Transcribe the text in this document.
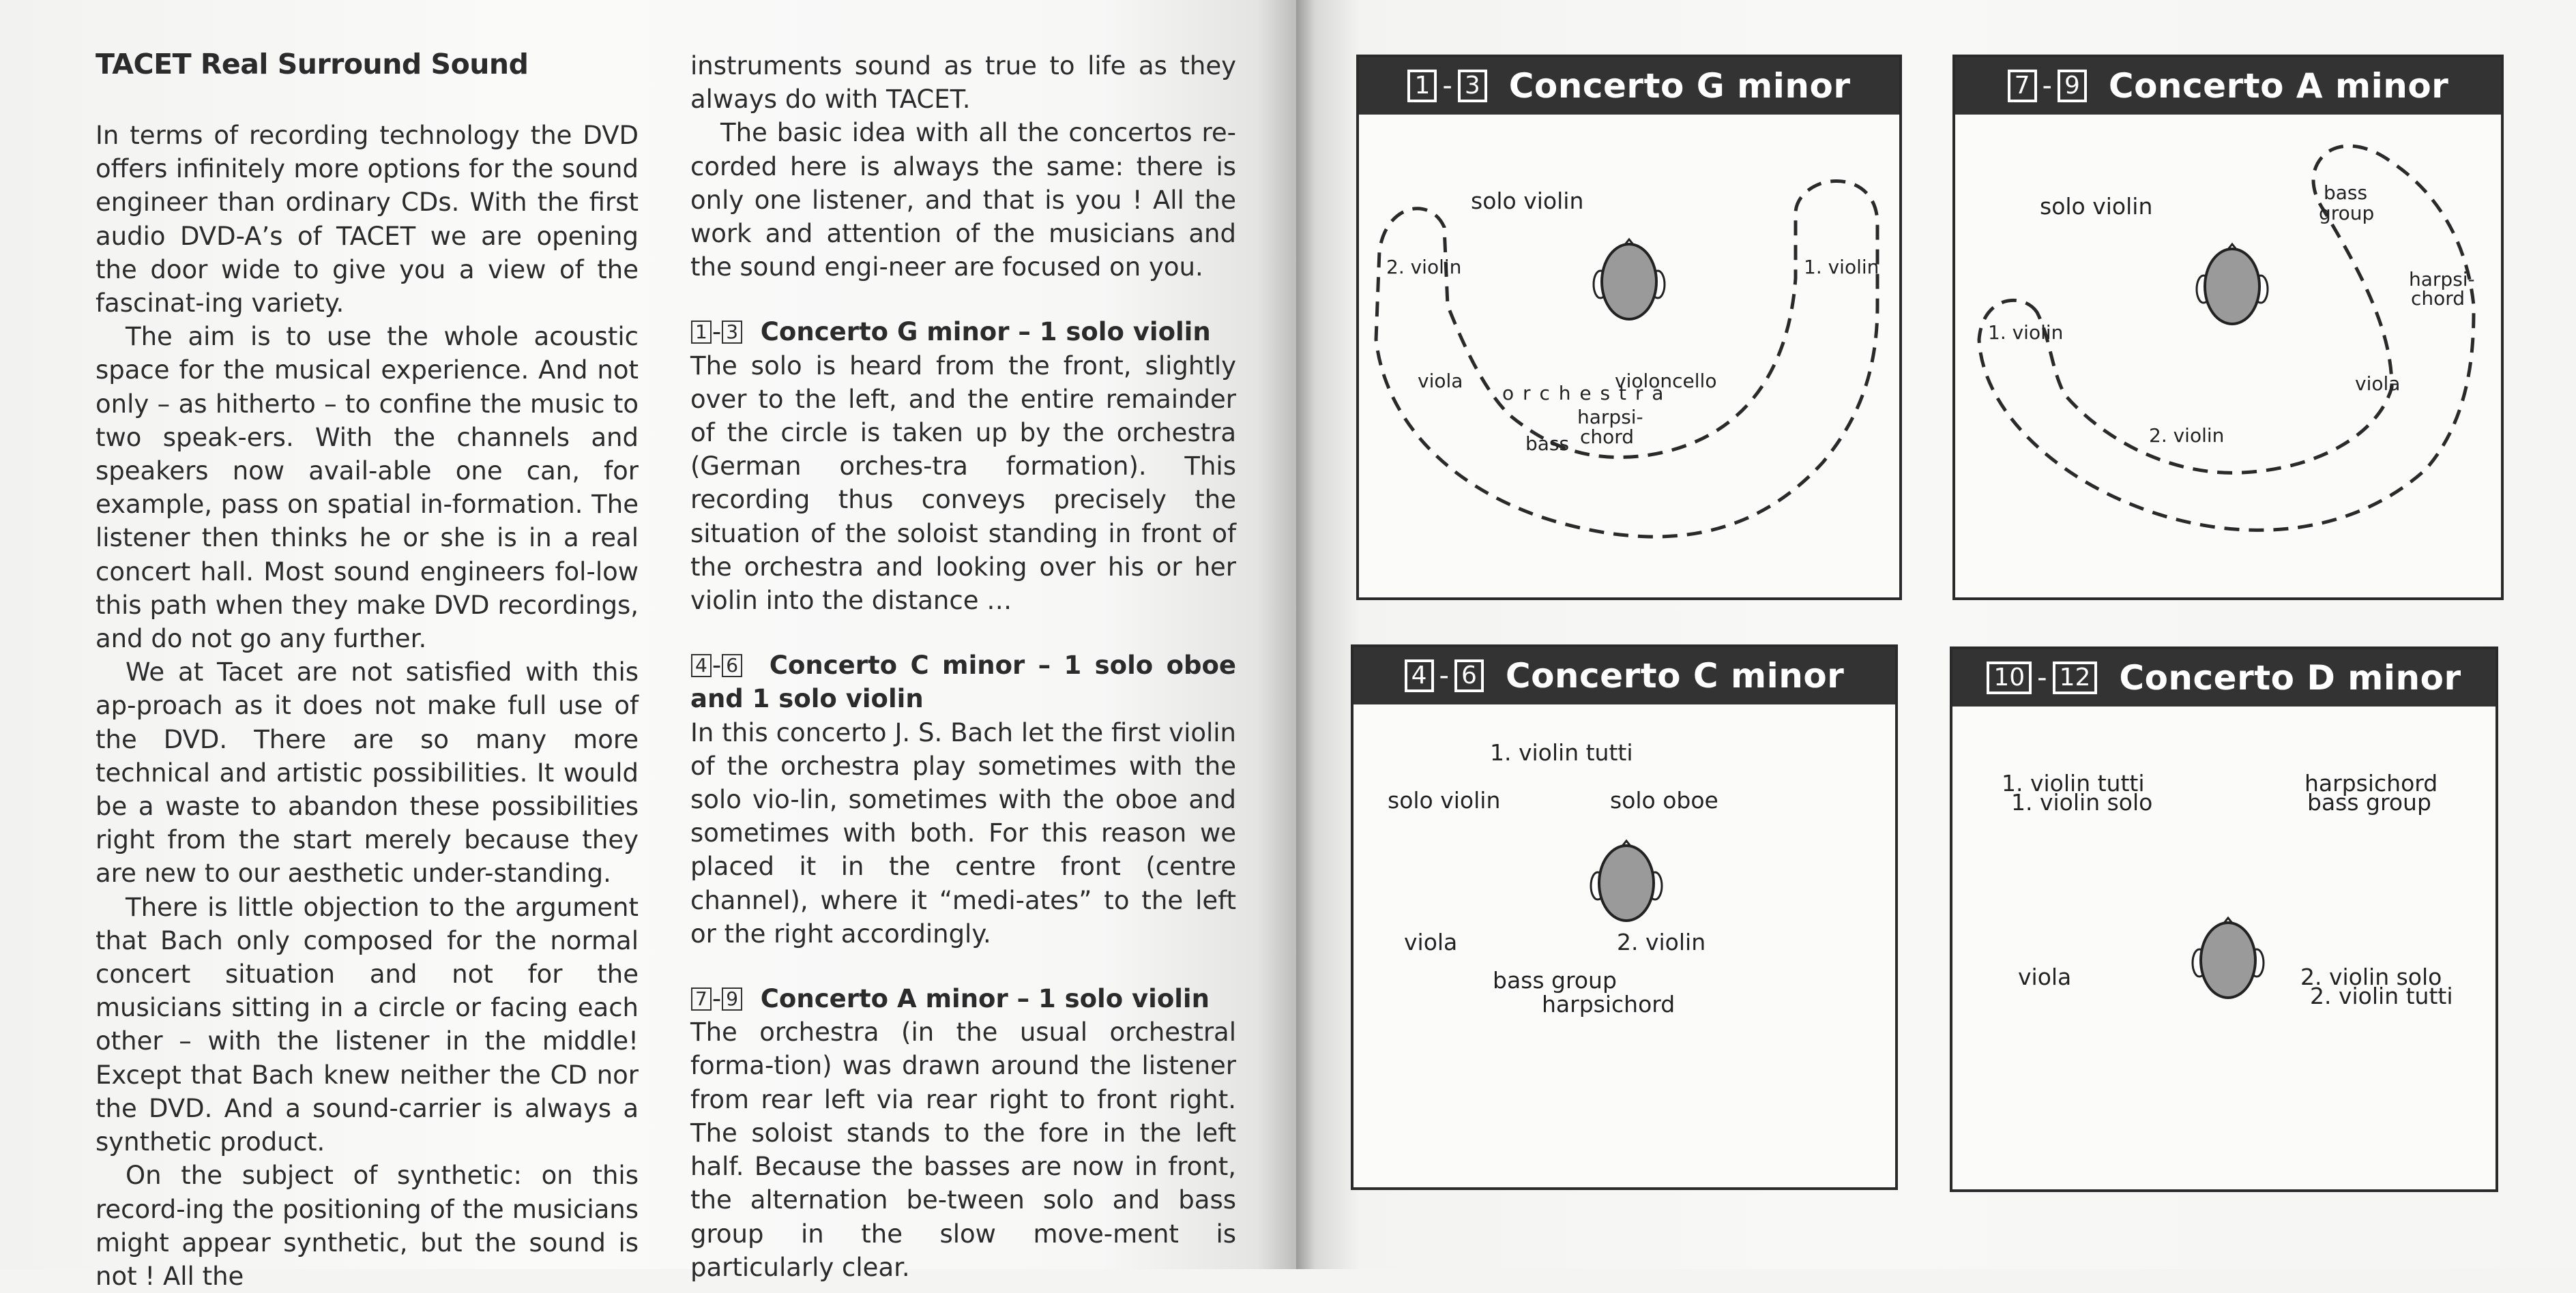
TACET Real Surround Sound

In terms of recording technology the DVD offers infinitely more options for the sound engineer than ordinary CDs. With the first audio DVD-A’s of TACET we are opening the door wide to give you a view of the fascinat-ing variety.

The aim is to use the whole acoustic space for the musical experience. And not only – as hitherto – to confine the music to two speak-ers. With the channels and speakers now avail-able one can, for example, pass on spatial in-formation. The listener then thinks he or she is in a real concert hall. Most sound engineers fol-low this path when they make DVD recordings, and do not go any further.

We at Tacet are not satisfied with this ap-proach as it does not make full use of the DVD. There are so many more technical and artistic possibilities. It would be a waste to abandon these possibilities right from the start merely because they are new to our aesthetic under-standing.

There is little objection to the argument that Bach only composed for the normal concert situation and not for the musicians sitting in a circle or facing each other – with the listener in the middle! Except that Bach knew neither the CD nor the DVD. And a sound-carrier is always a synthetic product.

On the subject of synthetic: on this record-ing the positioning of the musicians might appear synthetic, but the sound is not ! All the

instruments sound as true to life as they always do with TACET.

The basic idea with all the concertos re-corded here is always the same: there is only one listener, and that is you ! All the work and attention of the musicians and the sound engi-neer are focused on you.

1 - 3 Concerto G minor – 1 solo violin

The solo is heard from the front, slightly over to the left, and the entire remainder of the circle is taken up by the orchestra (German orches-tra formation). This recording thus conveys precisely the situation of the soloist standing in front of the orchestra and looking over his or her violin into the distance …

4 - 6 Concerto C minor – 1 solo oboe and 1 solo violin

In this concerto J. S. Bach let the first violin of the orchestra play sometimes with the solo vio-lin, sometimes with the oboe and sometimes with both. For this reason we placed it in the centre front (centre channel), where it “medi-ates” to the left or the right accordingly.

7 - 9 Concerto A minor – 1 solo violin

The orchestra (in the usual orchestral forma-tion) was drawn around the listener from rear left via rear right to front right. The soloist stands to the fore in the left half. Because the basses are now in front, the alternation be-tween solo and bass group in the slow move-ment is particularly clear.

1 - 3 Concerto G minor
solo violin
2. violin	1. violin
viola
o r c h e s t r a
violoncello
harpsi-
chord
bass
7 - 9 Concerto A minor
solo violin
bass
group
harpsi-
chord
1. violin
viola
2. violin
4 - 6 Concerto C minor
1. violin tutti
solo violin	solo oboe
viola	2. violin
bass group
harpsichord
10 - 12 Concerto D minor
1. violin tutti
1. violin solo
harpsichord
bass group
viola	2. violin solo
2. violin tutti
